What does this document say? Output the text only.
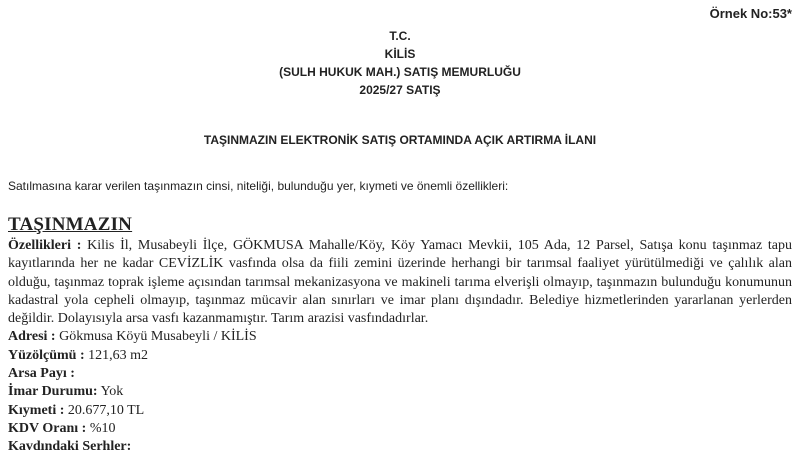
Örnek No:53*
T.C.
KİLİS
(SULH HUKUK MAH.) SATIŞ MEMURLUĞU
2025/27 SATIŞ
TAŞINMAZIN ELEKTRONİK SATIŞ ORTAMINDA AÇIK ARTIRMA İLANI
Satılmasına karar verilen taşınmazın cinsi, niteliği, bulunduğu yer, kıymeti ve önemli özellikleri:
TAŞINMAZIN
Özellikleri : Kilis İl, Musabeyli İlçe, GÖKMUSA Mahalle/Köy, Köy Yamacı Mevkii, 105 Ada, 12 Parsel, Satışa konu taşınmaz tapu kayıtlarında her ne kadar CEVİZLİK vasfında olsa da fiili zemini üzerinde herhangi bir tarımsal faaliyet yürütülmediği ve çalılık alan olduğu, taşınmaz toprak işleme açısından tarımsal mekanizasyona ve makineli tarıma elverişli olmayıp, taşınmazın bulunduğu konumunun kadastral yola cepheli olmayıp, taşınmaz mücavir alan sınırları ve imar planı dışındadır. Belediye hizmetlerinden yararlanan yerlerden değildir. Dolayısıyla arsa vasfı kazanmamıştır. Tarım arazisi vasfındadırlar.
Adresi : Gökmusa Köyü Musabeyli / KİLİS
Yüzölçümü : 121,63 m2
Arsa Payı :
İmar Durumu: Yok
Kıymeti : 20.677,10 TL
KDV Oranı : %10
Kavdındaki Serhler:
